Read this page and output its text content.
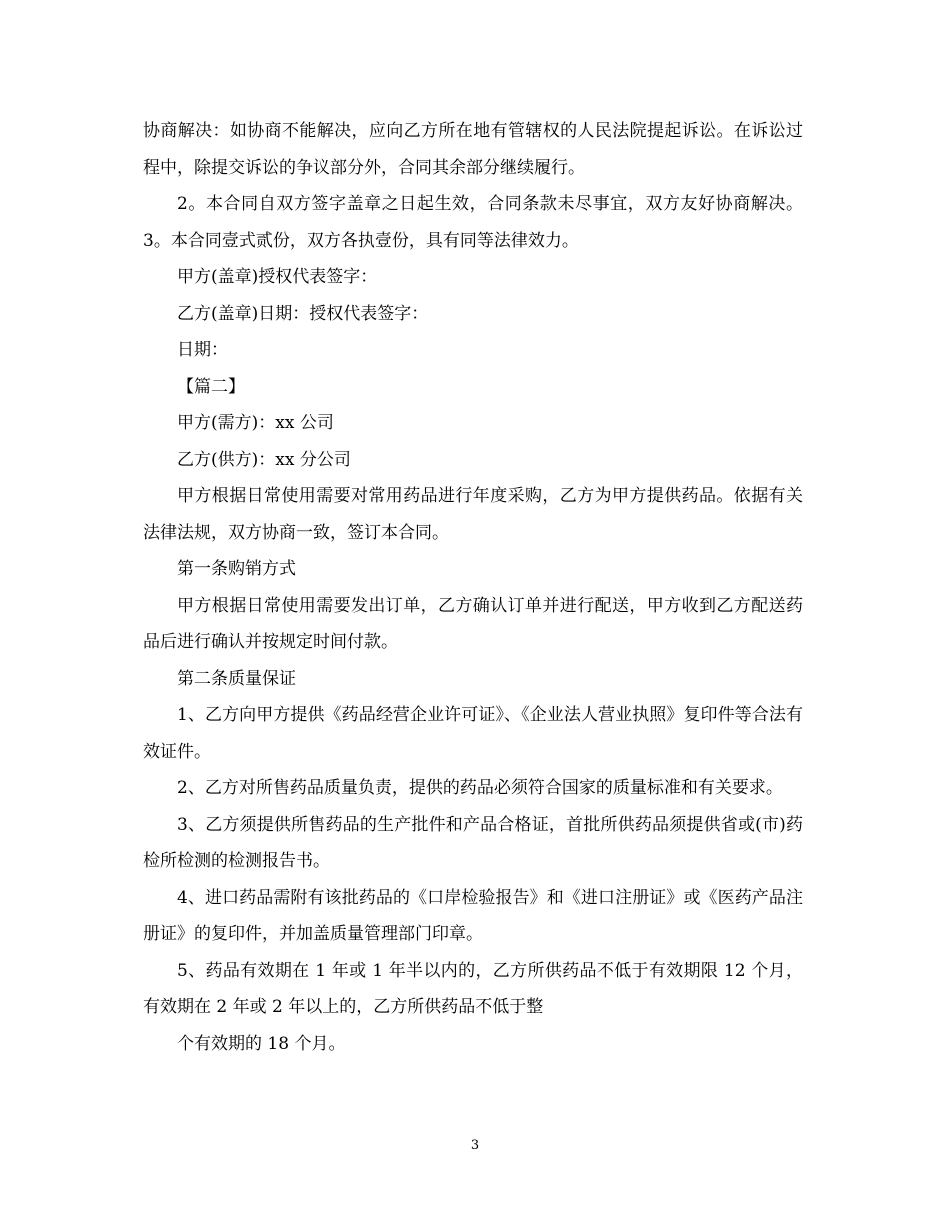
协商解决：如协商不能解决，应向乙方所在地有管辖权的人民法院提起诉讼。在诉讼过程中，除提交诉讼的争议部分外，合同其余部分继续履行。

2。本合同自双方签字盖章之日起生效，合同条款未尽事宜，双方友好协商解决。3。本合同壹式贰份，双方各执壹份，具有同等法律效力。

甲方(盖章)授权代表签字：

乙方(盖章)日期：授权代表签字：

日期：

【篇二】

甲方(需方)：xx 公司

乙方(供方)：xx 分公司

甲方根据日常使用需要对常用药品进行年度采购，乙方为甲方提供药品。依据有关法律法规，双方协商一致，签订本合同。

第一条购销方式

甲方根据日常使用需要发出订单，乙方确认订单并进行配送，甲方收到乙方配送药品后进行确认并按规定时间付款。

第二条质量保证

1、乙方向甲方提供《药品经营企业许可证》、《企业法人营业执照》复印件等合法有效证件。

2、乙方对所售药品质量负责，提供的药品必须符合国家的质量标准和有关要求。

3、乙方须提供所售药品的生产批件和产品合格证，首批所供药品须提供省或(市)药检所检测的检测报告书。

4、进口药品需附有该批药品的《口岸检验报告》和《进口注册证》或《医药产品注册证》的复印件，并加盖质量管理部门印章。

5、药品有效期在 1 年或 1 年半以内的，乙方所供药品不低于有效期限 12 个月，有效期在 2 年或 2 年以上的，乙方所供药品不低于整

个有效期的 18 个月。

3
